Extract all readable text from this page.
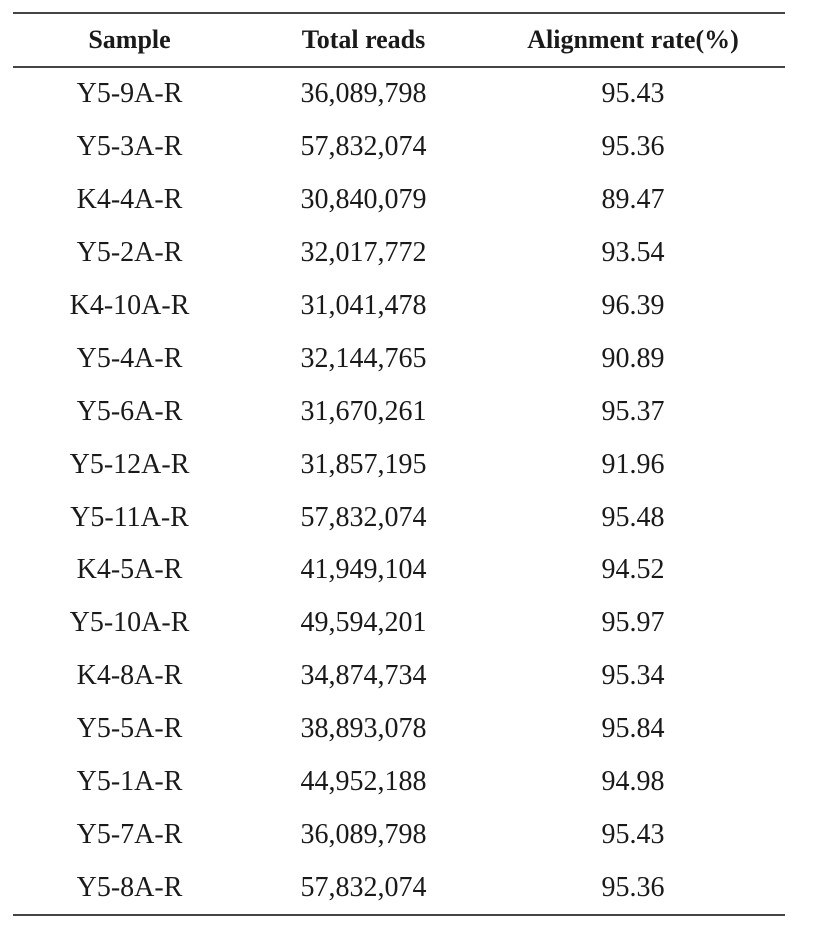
Sample	Total reads	Alignment rate(%)
Y5-9A-R	36,089,798	95.43
Y5-3A-R	57,832,074	95.36
K4-4A-R	30,840,079	89.47
Y5-2A-R	32,017,772	93.54
K4-10A-R	31,041,478	96.39
Y5-4A-R	32,144,765	90.89
Y5-6A-R	31,670,261	95.37
Y5-12A-R	31,857,195	91.96
Y5-11A-R	57,832,074	95.48
K4-5A-R	41,949,104	94.52
Y5-10A-R	49,594,201	95.97
K4-8A-R	34,874,734	95.34
Y5-5A-R	38,893,078	95.84
Y5-1A-R	44,952,188	94.98
Y5-7A-R	36,089,798	95.43
Y5-8A-R	57,832,074	95.36
